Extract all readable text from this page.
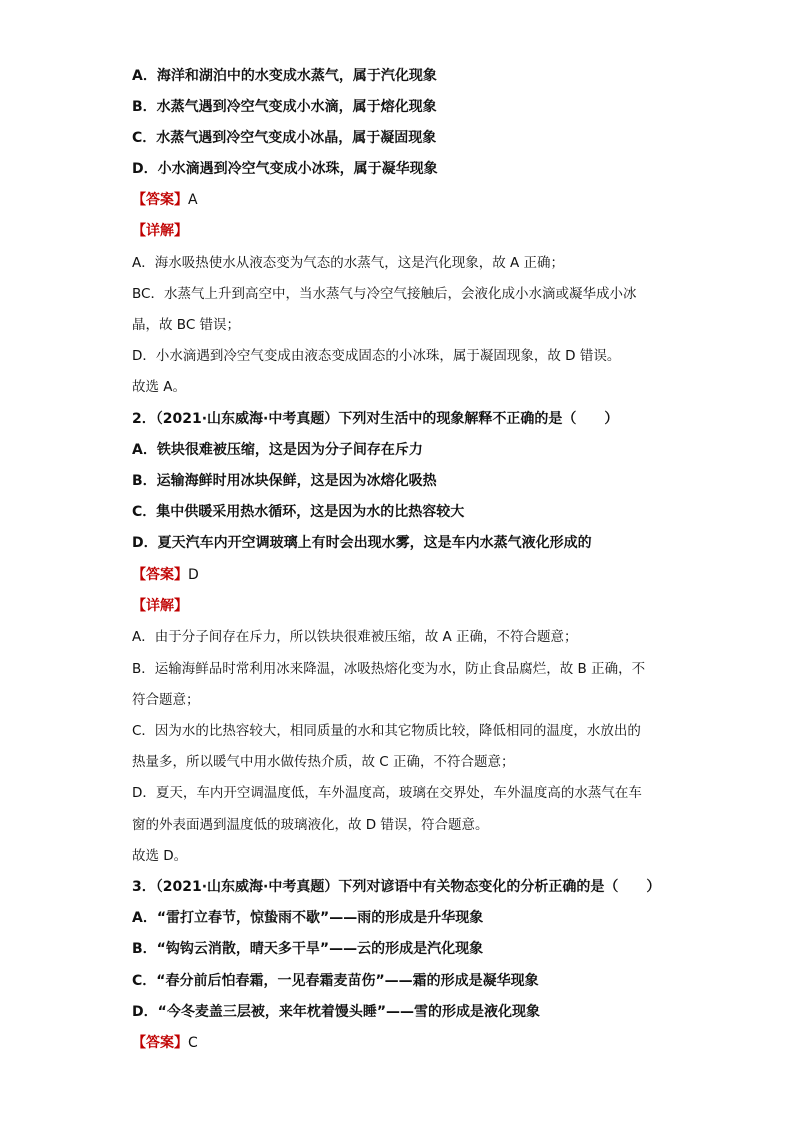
A．海洋和湖泊中的水变成水蒸气，属于汽化现象
B．水蒸气遇到冷空气变成小水滴，属于熔化现象
C．水蒸气遇到冷空气变成小冰晶，属于凝固现象
D．小水滴遇到冷空气变成小冰珠，属于凝华现象
【答案】A
【详解】
A．海水吸热使水从液态变为气态的水蒸气，这是汽化现象，故 A 正确；
BC．水蒸气上升到高空中，当水蒸气与冷空气接触后，会液化成小水滴或凝华成小冰
晶，故 BC 错误；
D．小水滴遇到冷空气变成由液态变成固态的小冰珠，属于凝固现象，故 D 错误。
故选 A。
2．（2021·山东威海·中考真题）下列对生活中的现象解释不正确的是（　　）
A．铁块很难被压缩，这是因为分子间存在斥力
B．运输海鲜时用冰块保鲜，这是因为冰熔化吸热
C．集中供暖采用热水循环，这是因为水的比热容较大
D．夏天汽车内开空调玻璃上有时会出现水雾，这是车内水蒸气液化形成的
【答案】D
【详解】
A．由于分子间存在斥力，所以铁块很难被压缩，故 A 正确，不符合题意；
B．运输海鲜品时常利用冰来降温，冰吸热熔化变为水，防止食品腐烂，故 B 正确，不
符合题意；
C．因为水的比热容较大，相同质量的水和其它物质比较，降低相同的温度，水放出的
热量多，所以暖气中用水做传热介质，故 C 正确，不符合题意；
D．夏天，车内开空调温度低，车外温度高，玻璃在交界处，车外温度高的水蒸气在车
窗的外表面遇到温度低的玻璃液化，故 D 错误，符合题意。
故选 D。
3．（2021·山东威海·中考真题）下列对谚语中有关物态变化的分析正确的是（　　）
A．“雷打立春节，惊蛰雨不歇”——雨的形成是升华现象
B．“钩钩云消散，晴天多干旱”——云的形成是汽化现象
C．“春分前后怕春霜，一见春霜麦苗伤”——霜的形成是凝华现象
D．“今冬麦盖三层被，来年枕着馒头睡”——雪的形成是液化现象
【答案】C
